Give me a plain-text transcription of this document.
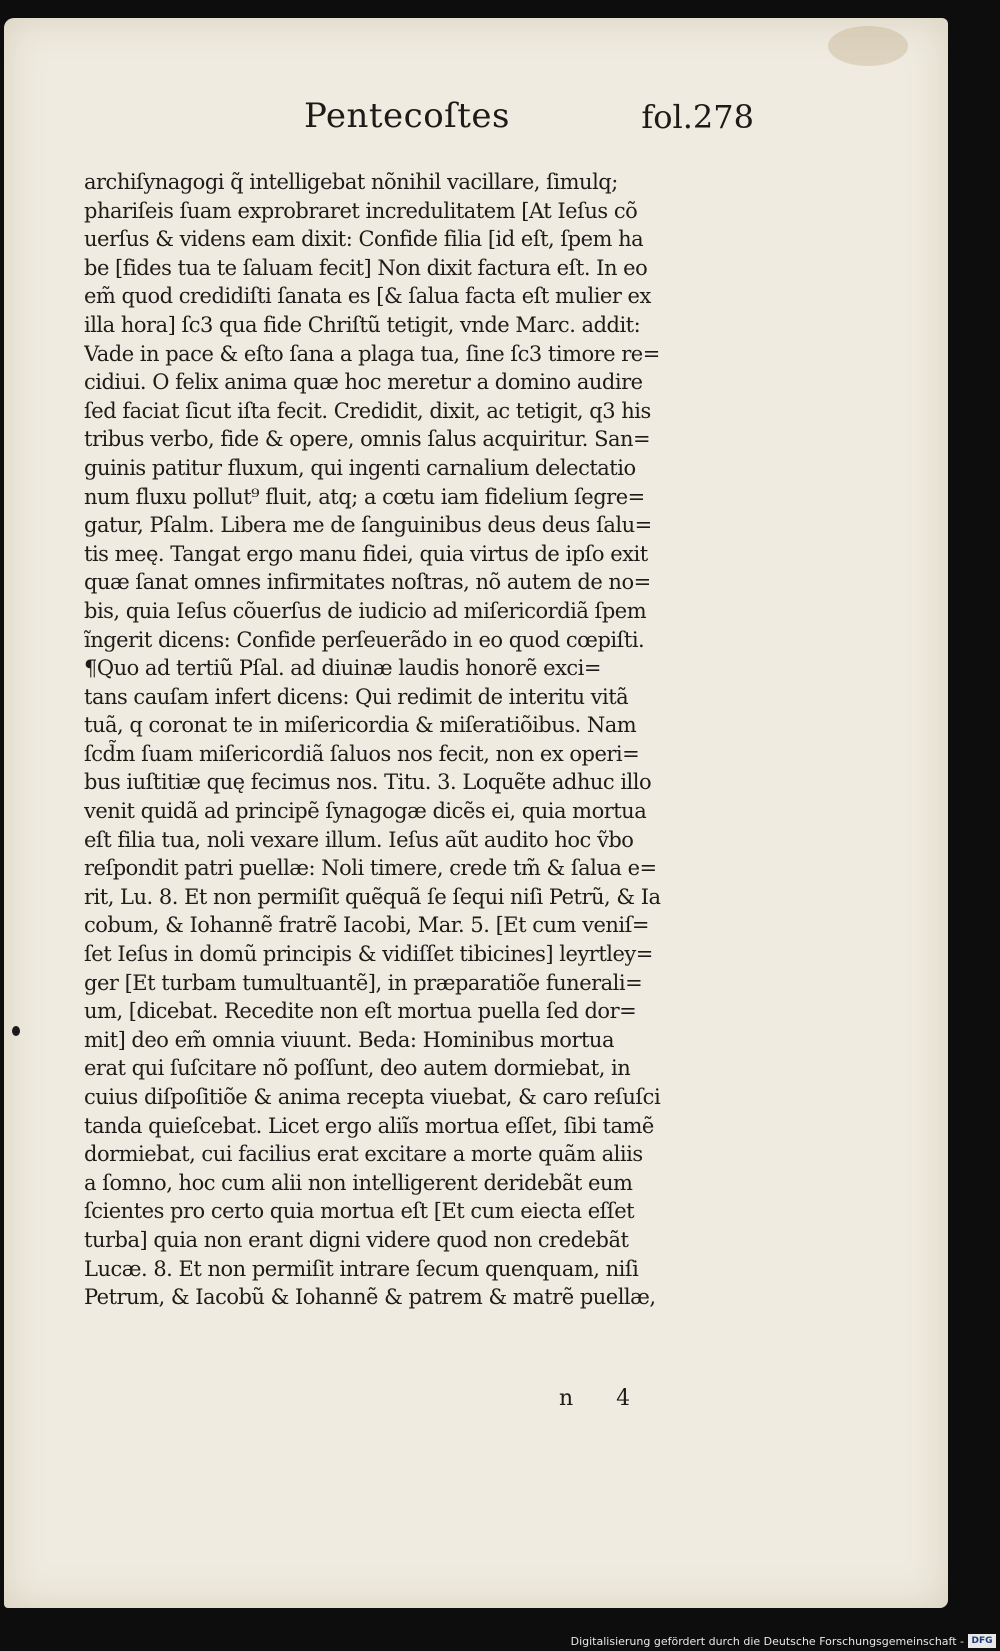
Pentecoſtes	fol.278
archiſynagogi q̃ intelligebat nõnihil vacillare, ſimulq;
phariſeis ſuam exprobraret incredulitatem [At Ieſus cõ
uerſus & videns eam dixit: Confide filia [id eſt, ſpem ha
be [fides tua te ſaluam fecit] Non dixit factura eſt. In eo
em̃ quod credidiſti ſanata es [& ſalua facta eſt mulier ex
illa hora] ſc3 qua fide Chriſtũ tetigit, vnde Marc. addit:
Vade in pace & eſto ſana a plaga tua, ſine ſc3 timore re=
cidiui. O felix anima quæ hoc meretur a domino audire
ſed faciat ſicut iſta fecit. Credidit, dixit, ac tetigit, q3 his
tribus verbo, fide & opere, omnis ſalus acquiritur. San=
guinis patitur fluxum, qui ingenti carnalium delectatio
num fluxu pollut⁹ fluit, atq; a cœtu iam fidelium ſegre=
gatur, Pſalm. Libera me de ſanguinibus deus deus ſalu=
tis meę. Tangat ergo manu fidei, quia virtus de ipſo exit
quæ ſanat omnes infirmitates noſtras, nõ autem de no=
bis, quia Ieſus cõuerſus de iudicio ad miſericordiã ſpem
ĩngerit dicens: Confide perſeuerãdo in eo quod cœpiſti.
¶Quo ad tertiũ Pſal. ad diuinæ laudis honorẽ exci=
tans cauſam infert dicens: Qui redimit de interitu vitã
tuã, q coronat te in miſericordia & miſeratiõibus. Nam
ſcd̃m ſuam miſericordiã ſaluos nos fecit, non ex operi=
bus iuſtitiæ quę fecimus nos. Titu. 3. Loquẽte adhuc illo
venit quidã ad principẽ ſynagogæ dicẽs ei, quia mortua
eſt filia tua, noli vexare illum. Ieſus aũt audito hoc ṽbo
reſpondit patri puellæ: Noli timere, crede tm̃ & ſalua e=
rit, Lu. 8. Et non permiſit quẽquã ſe ſequi niſi Petrũ, & Ia
cobum, & Iohannẽ fratrẽ Iacobi, Mar. 5. [Et cum veniſ=
ſet Ieſus in domũ principis & vidiſſet tibicines] leyrtley=
ger [Et turbam tumultuantẽ], in præparatiõe funerali=
um, [dicebat. Recedite non eſt mortua puella ſed dor=
mit] deo em̃ omnia viuunt. Beda: Hominibus mortua
erat qui ſuſcitare nõ poſſunt, deo autem dormiebat, in
cuius diſpoſitiõe & anima recepta viuebat, & caro reſuſci
tanda quieſcebat. Licet ergo aliĩs mortua eſſet, ſibi tamẽ
dormiebat, cui facilius erat excitare a morte quãm aliis
a ſomno, hoc cum alii non intelligerent deridebãt eum
ſcientes pro certo quia mortua eſt [Et cum eiecta eſſet
turba] quia non erant digni videre quod non credebãt
Lucæ. 8. Et non permiſit intrare ſecum quenquam, niſi
Petrum, & Iacobũ & Iohannẽ & patrem & matrẽ puellæ,
n 4
Digitalisierung gefördert durch die Deutsche Forschungsgemeinschaft - DFG
